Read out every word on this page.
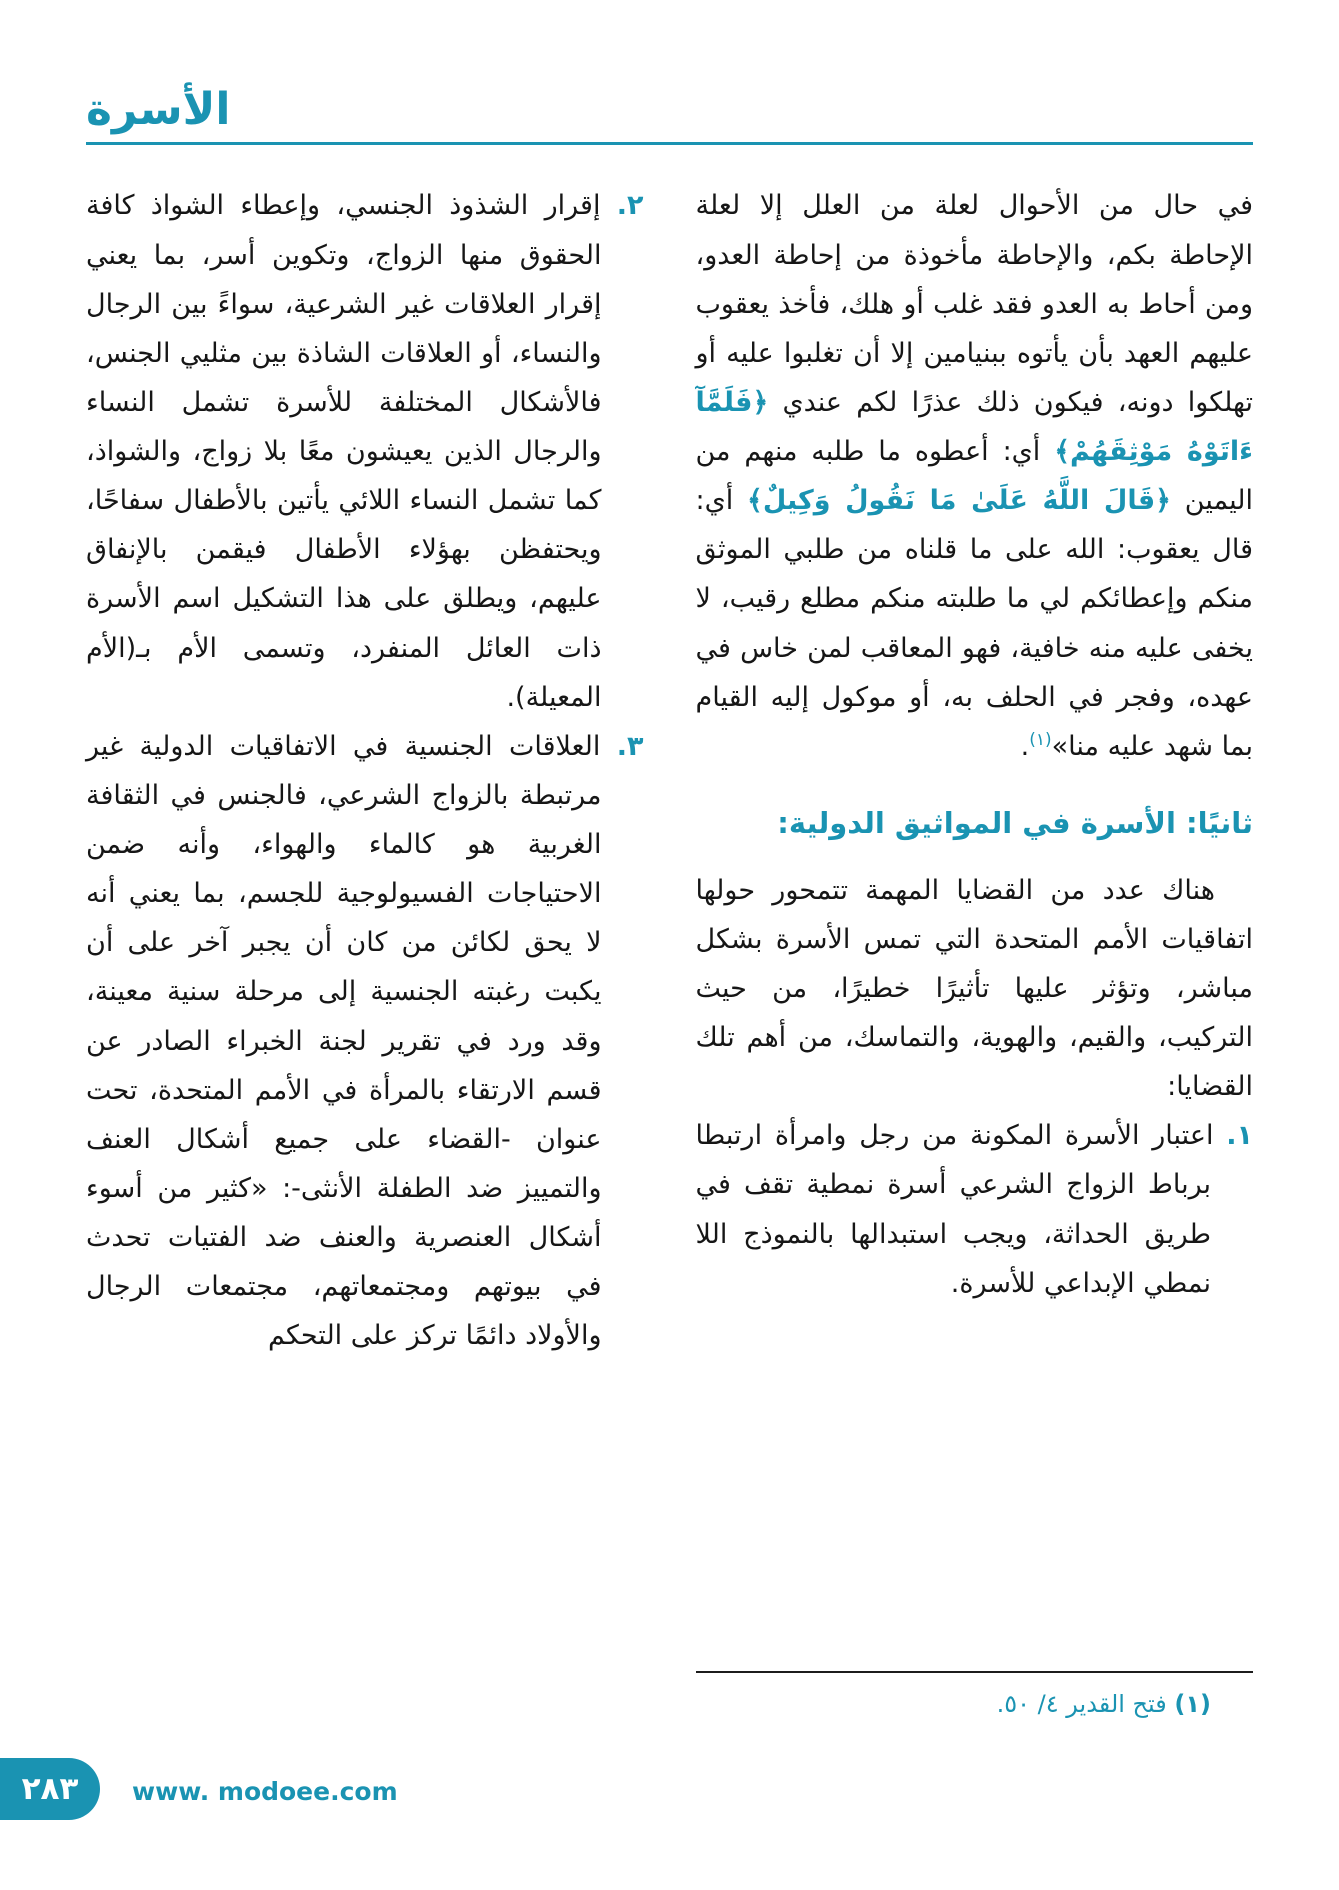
الأسرة

في حال من الأحوال لعلة من العلل إلا لعلة الإحاطة بكم، والإحاطة مأخوذة من إحاطة العدو، ومن أحاط به العدو فقد غلب أو هلك، فأخذ يعقوب عليهم العهد بأن يأتوه ببنيامين إلا أن تغلبوا عليه أو تهلكوا دونه، فيكون ذلك عذرًا لكم عندي ﴿فَلَمَّآ ءَاتَوْهُ مَوْثِقَهُمْ﴾ أي: أعطوه ما طلبه منهم من اليمين ﴿قَالَ اللَّهُ عَلَىٰ مَا نَقُولُ وَكِيلٌ﴾ أي: قال يعقوب: الله على ما قلناه من طلبي الموثق منكم وإعطائكم لي ما طلبته منكم مطلع رقيب، لا يخفى عليه منه خافية، فهو المعاقب لمن خاس في عهده، وفجر في الحلف به، أو موكول إليه القيام بما شهد عليه منا»$^{(١)}$.

ثانيًا: الأسرة في المواثيق الدولية:

هناك عدد من القضايا المهمة تتمحور حولها اتفاقيات الأمم المتحدة التي تمس الأسرة بشكل مباشر، وتؤثر عليها تأثيرًا خطيرًا، من حيث التركيب، والقيم، والهوية، والتماسك، من أهم تلك القضايا:

١. اعتبار الأسرة المكونة من رجل وامرأة ارتبطا برباط الزواج الشرعي أسرة نمطية تقف في طريق الحداثة، ويجب استبدالها بالنموذج اللا نمطي الإبداعي للأسرة.

(١) فتح القدير ٤/ ٥٠.

٢. إقرار الشذوذ الجنسي، وإعطاء الشواذ كافة الحقوق منها الزواج، وتكوين أسر، بما يعني إقرار العلاقات غير الشرعية، سواءً بين الرجال والنساء، أو العلاقات الشاذة بين مثليي الجنس، فالأشكال المختلفة للأسرة تشمل النساء والرجال الذين يعيشون معًا بلا زواج، والشواذ، كما تشمل النساء اللائي يأتين بالأطفال سفاحًا، ويحتفظن بهؤلاء الأطفال فيقمن بالإنفاق عليهم، ويطلق على هذا التشكيل اسم الأسرة ذات العائل المنفرد، وتسمى الأم بـ(الأم المعيلة).

٣. العلاقات الجنسية في الاتفاقيات الدولية غير مرتبطة بالزواج الشرعي، فالجنس في الثقافة الغربية هو كالماء والهواء، وأنه ضمن الاحتياجات الفسيولوجية للجسم، بما يعني أنه لا يحق لكائن من كان أن يجبر آخر على أن يكبت رغبته الجنسية إلى مرحلة سنية معينة، وقد ورد في تقرير لجنة الخبراء الصادر عن قسم الارتقاء بالمرأة في الأمم المتحدة، تحت عنوان -القضاء على جميع أشكال العنف والتمييز ضد الطفلة الأنثى-: «كثير من أسوء أشكال العنصرية والعنف ضد الفتيات تحدث في بيوتهم ومجتمعاتهم، مجتمعات الرجال والأولاد دائمًا تركز على التحكم

٢٨٣	www. modoee.com
